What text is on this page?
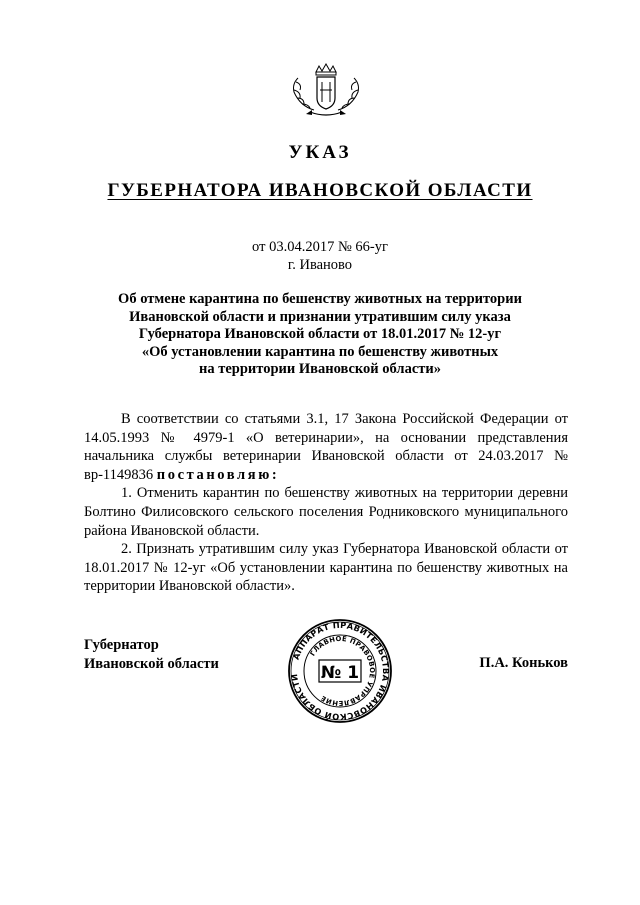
УКАЗ
ГУБЕРНАТОРА ИВАНОВСКОЙ ОБЛАСТИ
от 03.04.2017 № 66-уг
г. Иваново
Об отмене карантина по бешенству животных на территории
Ивановской области и признании утратившим силу указа
Губернатора Ивановской области от 18.01.2017 № 12-уг
«Об установлении карантина по бешенству животных
на территории Ивановской области»

В соответствии со статьями 3.1, 17 Закона Российской Федерации от 14.05.1993 № 4979-1 «О ветеринарии», на основании представления начальника службы ветеринарии Ивановской области от 24.03.2017 № вр-1149836 постановляю:

1. Отменить карантин по бешенству животных на территории деревни Болтино Филисовского сельского поселения Родниковского муниципального района Ивановской области.

2. Признать утратившим силу указ Губернатора Ивановской области от 18.01.2017 № 12-уг «Об установлении карантина по бешенству животных на территории Ивановской области».

Губернатор
Ивановской области	П.А. Коньков
АППАРАТ ПРАВИТЕЛЬСТВА ИВАНОВСКОЙ ОБЛАСТИ
ГЛАВНОЕ ПРАВОВОЕ УПРАВЛЕНИЕ
№ 1
